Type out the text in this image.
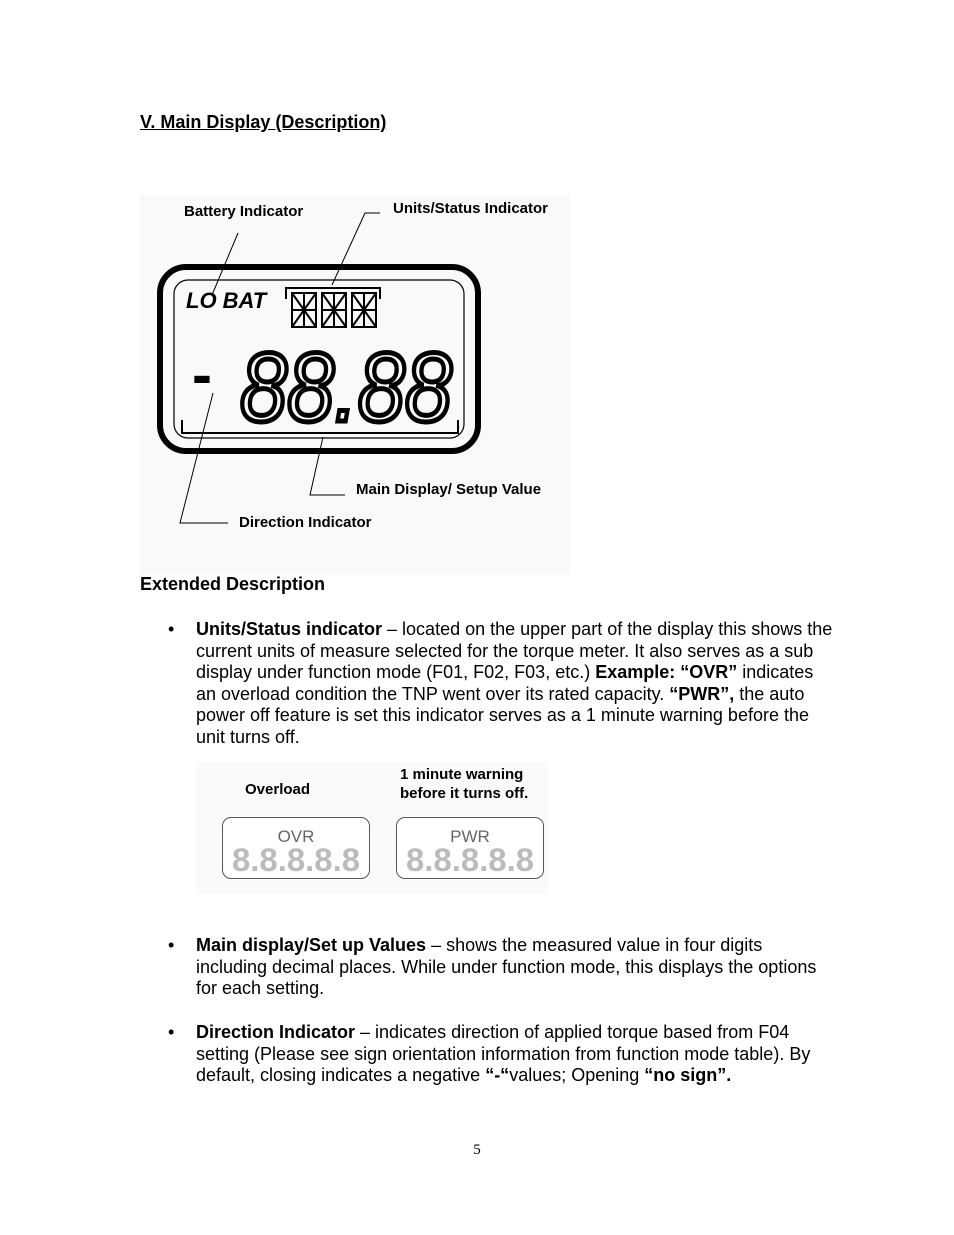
V. Main Display (Description)
LO BAT
- 88.88
Battery Indicator	Units/Status Indicator
Main Display/ Setup Value
Direction Indicator
Extended Description
• Units/Status indicator – located on the upper part of the display this shows the current units of measure selected for the torque meter. It also serves as a sub display under function mode (F01, F02, F03, etc.) Example: “OVR” indicates an overload condition the TNP went over its rated capacity. “PWR”, the auto power off feature is set this indicator serves as a 1 minute warning before the unit turns off.
Overload
1 minute warning
before it turns off.
OVR
8.8.8.8.8
PWR
8.8.8.8.8
• Main display/Set up Values – shows the measured value in four digits including decimal places. While under function mode, this displays the options for each setting.
• Direction Indicator – indicates direction of applied torque based from F04 setting (Please see sign orientation information from function mode table). By default, closing indicates a negative “-“values; Opening “no sign”.
5
